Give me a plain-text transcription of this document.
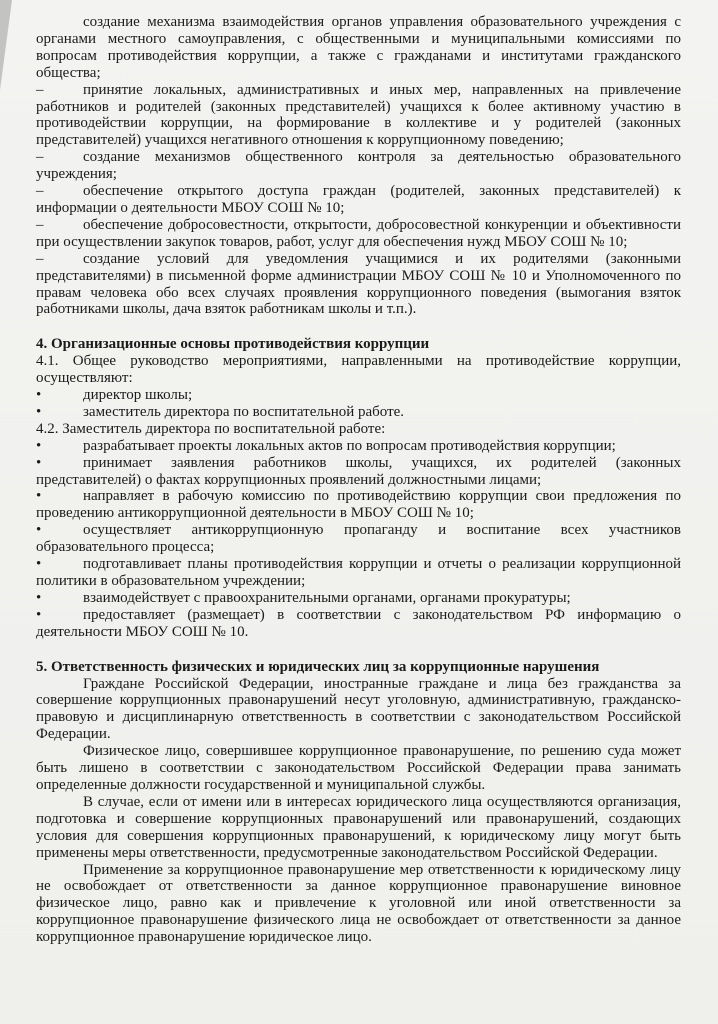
создание механизма взаимодействия органов управления образовательного учреждения с органами местного самоуправления, с общественными и муниципальными комиссиями по вопросам противодействия коррупции, а также с гражданами и институтами гражданского общества;

–	принятие локальных, административных и иных мер, направленных на привлечение работников и родителей (законных представителей) учащихся к более активному участию в противодействии коррупции, на формирование в коллективе и у родителей (законных представителей) учащихся негативного отношения к коррупционному поведению;

–	создание механизмов общественного контроля за деятельностью образовательного учреждения;

–	обеспечение открытого доступа граждан (родителей, законных представителей) к информации о деятельности МБОУ СОШ № 10;

–	обеспечение добросовестности, открытости, добросовестной конкуренции и объективности при осуществлении закупок товаров, работ, услуг для обеспечения нужд МБОУ СОШ № 10;

–	создание условий для уведомления учащимися и их родителями (законными представителями) в письменной форме администрации МБОУ СОШ № 10 и Уполномоченного по правам человека обо всех случаях проявления коррупционного поведения (вымогания взяток работниками школы, дача взяток работникам школы и т.п.).

4. Организационные основы противодействия коррупции

4.1. Общее руководство мероприятиями, направленными на противодействие коррупции, осуществляют:

•	директор школы;

•	заместитель директора по воспитательной работе.

4.2. Заместитель директора по воспитательной работе:

•	разрабатывает проекты локальных актов по вопросам противодействия коррупции;

•	принимает заявления работников школы, учащихся, их родителей (законных представителей) о фактах коррупционных проявлений должностными лицами;

•	направляет в рабочую комиссию по противодействию коррупции свои предложения по проведению антикоррупционной деятельности в МБОУ СОШ № 10;

•	осуществляет антикоррупционную пропаганду и воспитание всех участников образовательного процесса;

•	подготавливает планы противодействия коррупции и отчеты о реализации коррупционной политики в образовательном учреждении;

•	взаимодействует с правоохранительными органами, органами прокуратуры;

•	предоставляет (размещает) в соответствии с законодательством РФ информацию о деятельности МБОУ СОШ № 10.

5. Ответственность физических и юридических лиц за коррупционные нарушения

Граждане Российской Федерации, иностранные граждане и лица без гражданства за совершение коррупционных правонарушений несут уголовную, административную, гражданско-правовую и дисциплинарную ответственность в соответствии с законодательством Российской Федерации.

Физическое лицо, совершившее коррупционное правонарушение, по решению суда может быть лишено в соответствии с законодательством Российской Федерации права занимать определенные должности государственной и муниципальной службы.

В случае, если от имени или в интересах юридического лица осуществляются организация, подготовка и совершение коррупционных правонарушений или правонарушений, создающих условия для совершения коррупционных правонарушений, к юридическому лицу могут быть применены меры ответственности, предусмотренные законодательством Российской Федерации.

Применение за коррупционное правонарушение мер ответственности к юридическому лицу не освобождает от ответственности за данное коррупционное правонарушение виновное физическое лицо, равно как и привлечение к уголовной или иной ответственности за коррупционное правонарушение физического лица не освобождает от ответственности за данное коррупционное правонарушение юридическое лицо.
